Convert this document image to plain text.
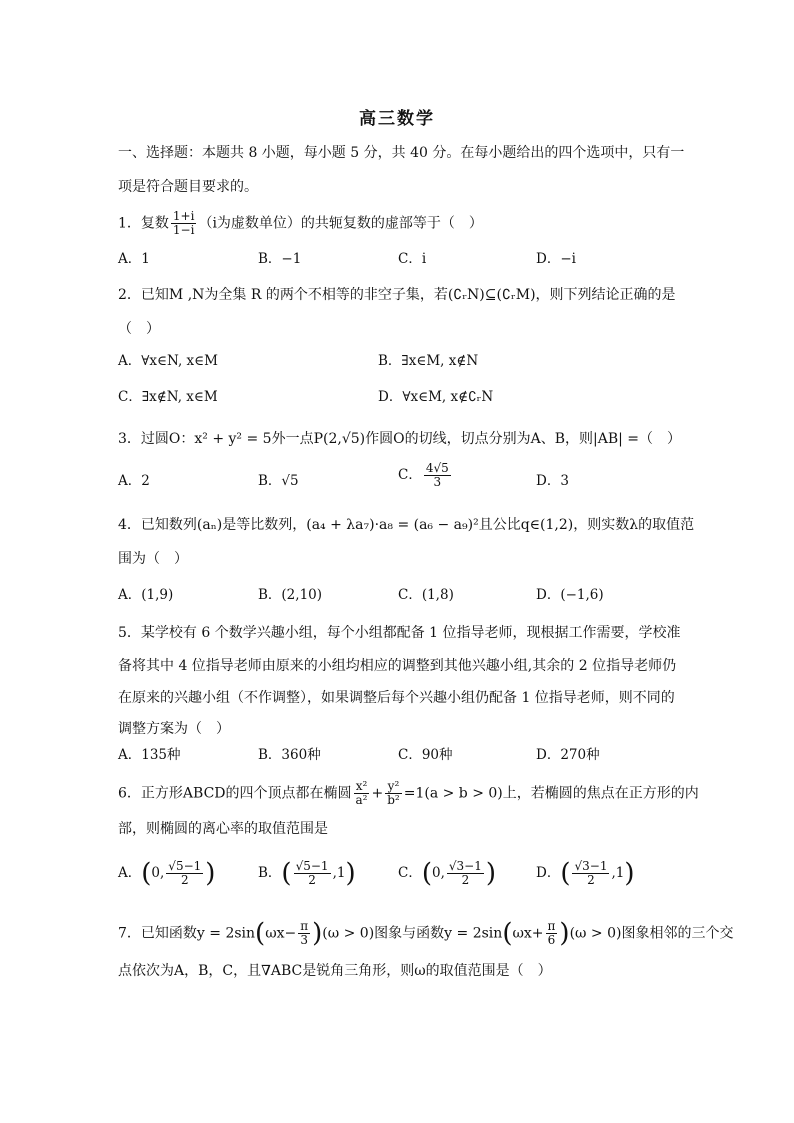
高三数学
一、选择题：本题共 8 小题，每小题 5 分，共 40 分。在每小题给出的四个选项中，只有一
项是符合题目要求的。
1．复数 $\frac{1+i}{1-i} (i$为虚数单位）的共轭复数的虚部等于（　）
A．1	B．−1	C．i	D．−i
2．已知M ,N为全集 R 的两个不相等的非空子集，若(∁ᵣN)⊆(∁ᵣM)，则下列结论正确的是
（　）
A．∀x∈N, x∈M	B．∃x∈M, x∉N
C．∃x∉N, x∈M	D．∀x∈M, x∉∁ᵣN
3．过圆O：x² + y² = 5外一点P(2,√5)作圆O的切线，切点分别为A、B，则|AB| =（　）
A．2	B．√5	C． $\frac{4√5}{3}$	D．3
4．已知数列(aₙ)是等比数列，(a₄ + λa₇)·a₈ = (a₆ − a₉)²且公比q∈(1,2)，则实数λ的取值范
围为（　）
A．(1,9)	B．(2,10)	C．(1,8)	D．(−1,6)
5．某学校有 6 个数学兴趣小组，每个小组都配备 1 位指导老师，现根据工作需要，学校准
备将其中 4 位指导老师由原来的小组均相应的调整到其他兴趣小组,其余的 2 位指导老师仍
在原来的兴趣小组（不作调整），如果调整后每个兴趣小组仍配备 1 位指导老师，则不同的
调整方案为（　）
A．135种	B．360种	C．90种	D．270种
6．正方形ABCD的四个顶点都在椭圆 $\frac{\text{x²}}{\text{a²}} + \frac{\text{y²}}{\text{b²}} =1(a > b > 0)$上，若椭圆的焦点在正方形的内
部，则椭圆的离心率的取值范围是
A．(0, $\frac{√5-1}{2}$ )	B．( $\frac{√5-1}{2} ,1$)	C．(0, $\frac{√3-1}{2}$ )	D．( $\frac{√3-1}{2} ,1$)
7．已知函数$y = 2\sin(\omega x- \frac{\pi}{3} )(\omega > 0)$图象与函数$y = 2\sin(\omega x+ \frac{\pi}{6} )(\omega > 0)$图象相邻的三个交
点依次为A，B，C，且∇ABC是锐角三角形，则ω的取值范围是（　）
